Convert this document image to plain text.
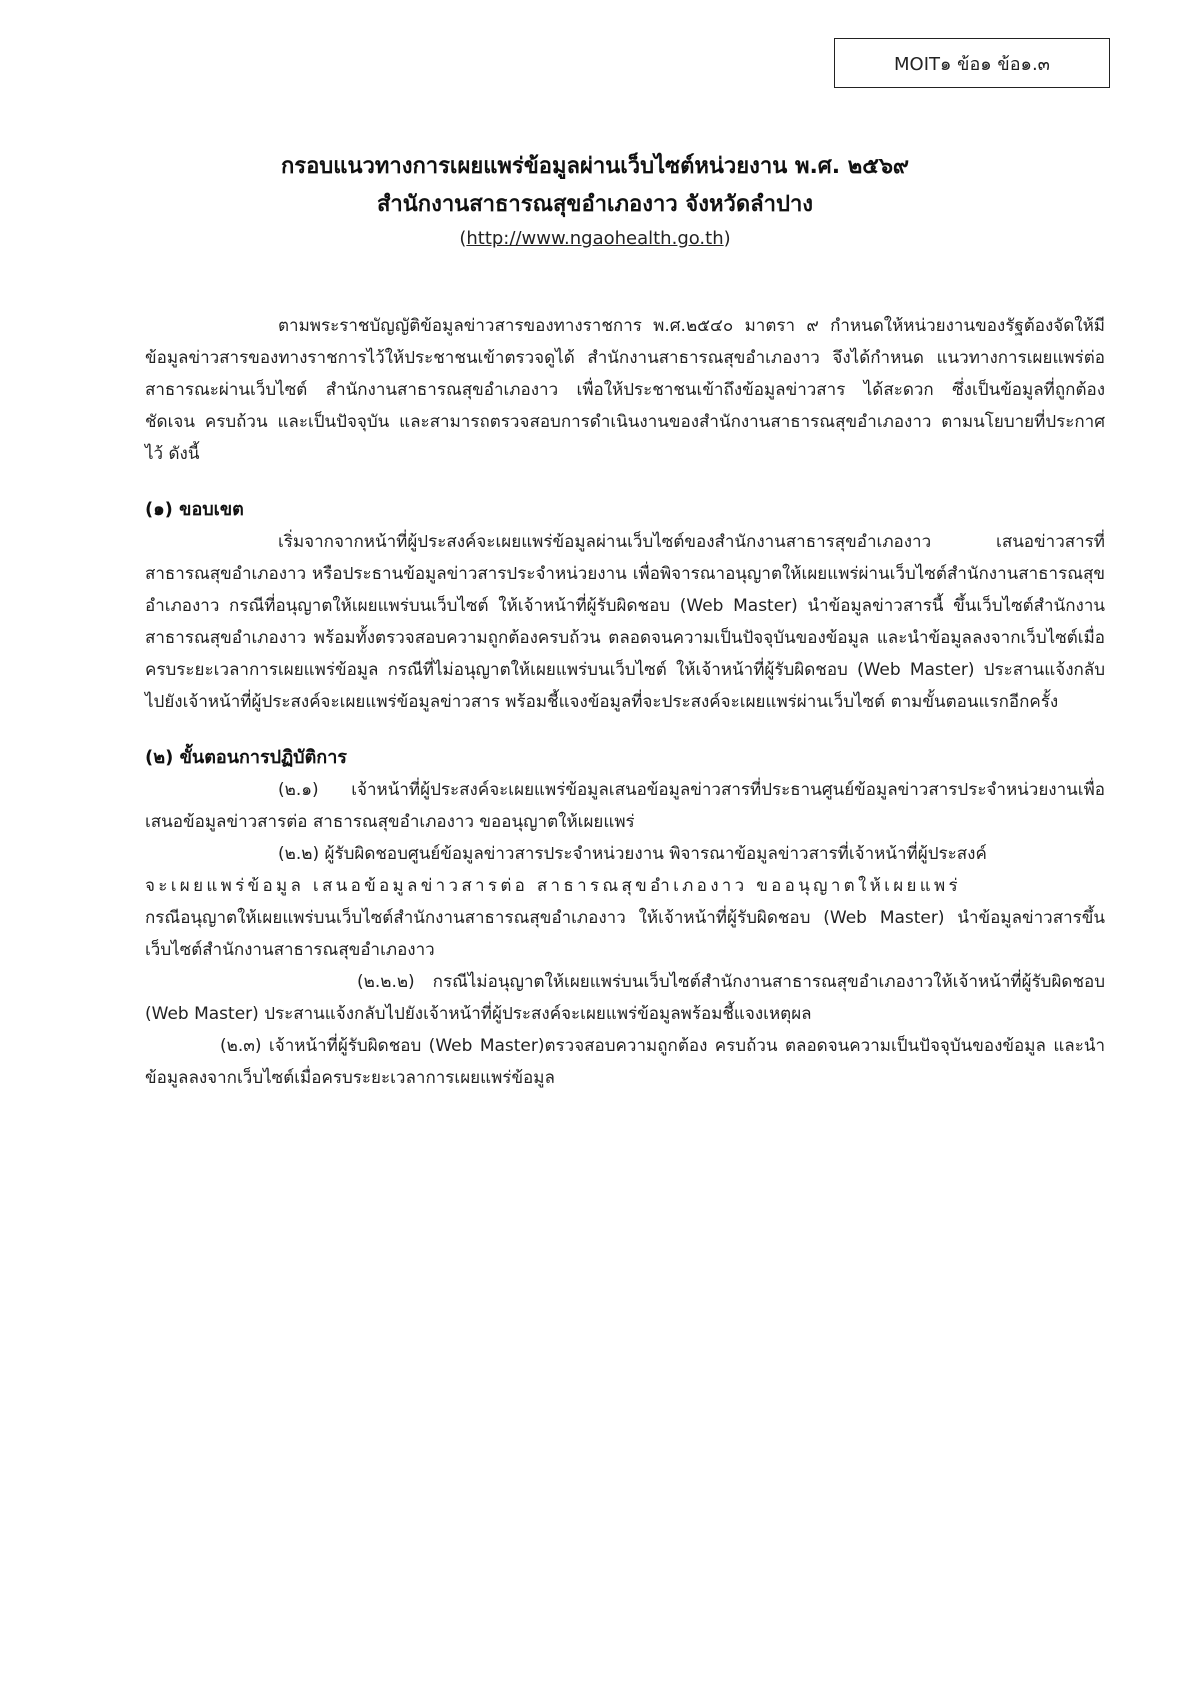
MOIT๑ ข้อ๑ ข้อ๑.๓
กรอบแนวทางการเผยแพร่ข้อมูลผ่านเว็บไซต์หน่วยงาน พ.ศ. ๒๕๖๙
สำนักงานสาธารณสุขอำเภองาว จังหวัดลำปาง
(http://www.ngaohealth.go.th)

ตามพระราชบัญญัติข้อมูลข่าวสารของทางราชการ พ.ศ.๒๕๔๐ มาตรา ๙ กำหนดให้หน่วยงานของรัฐต้องจัดให้มีข้อมูลข่าวสารของทางราชการไว้ให้ประชาชนเข้าตรวจดูได้ สำนักงานสาธารณสุขอำเภองาว จึงได้กำหนด แนวทางการเผยแพร่ต่อสาธารณะผ่านเว็บไซต์ สำนักงานสาธารณสุขอำเภองาว เพื่อให้ประชาชนเข้าถึงข้อมูลข่าวสาร ได้สะดวก ซึ่งเป็นข้อมูลที่ถูกต้อง ชัดเจน ครบถ้วน และเป็นปัจจุบัน และสามารถตรวจสอบการดำเนินงานของสำนักงานสาธารณสุขอำเภองาว ตามนโยบายที่ประกาศไว้ ดังนี้

(๑) ขอบเขต

เริ่มจากจากหน้าที่ผู้ประสงค์จะเผยแพร่ข้อมูลผ่านเว็บไซต์ของสำนักงานสาธารสุขอำเภองาว เสนอข่าวสารที่ สาธารณสุขอำเภองาว หรือประธานข้อมูลข่าวสารประจำหน่วยงาน เพื่อพิจารณาอนุญาตให้เผยแพร่ผ่านเว็บไซต์สำนักงานสาธารณสุขอำเภองาว กรณีที่อนุญาตให้เผยแพร่บนเว็บไซต์ ให้เจ้าหน้าที่ผู้รับผิดชอบ (Web Master) นำข้อมูลข่าวสารนี้ ขึ้นเว็บไซต์สำนักงานสาธารณสุขอำเภองาว พร้อมทั้งตรวจสอบความถูกต้องครบถ้วน ตลอดจนความเป็นปัจจุบันของข้อมูล และนำข้อมูลลงจากเว็บไซต์เมื่อครบระยะเวลาการเผยแพร่ข้อมูล กรณีที่ไม่อนุญาตให้เผยแพร่บนเว็บไซต์ ให้เจ้าหน้าที่ผู้รับผิดชอบ (Web Master) ประสานแจ้งกลับไปยังเจ้าหน้าที่ผู้ประสงค์จะเผยแพร่ข้อมูลข่าวสาร พร้อมชี้แจงข้อมูลที่จะประสงค์จะเผยแพร่ผ่านเว็บไซต์ ตามขั้นตอนแรกอีกครั้ง

(๒) ขั้นตอนการปฏิบัติการ

(๒.๑) เจ้าหน้าที่ผู้ประสงค์จะเผยแพร่ข้อมูลเสนอข้อมูลข่าวสารที่ประธานศูนย์ข้อมูลข่าวสารประจำหน่วยงานเพื่อเสนอข้อมูลข่าวสารต่อ สาธารณสุขอำเภองาว ขออนุญาตให้เผยแพร่

(๒.๒) ผู้รับผิดชอบศูนย์ข้อมูลข่าวสารประจำหน่วยงาน พิจารณาข้อมูลข่าวสารที่เจ้าหน้าที่ผู้ประสงค์

จะเผยแพร่ข้อมูล เสนอข้อมูลข่าวสารต่อ สาธารณสุขอำเภองาว ขออนุญาตให้เผยแพร่

กรณีอนุญาตให้เผยแพร่บนเว็บไซต์สำนักงานสาธารณสุขอำเภองาว ให้เจ้าหน้าที่ผู้รับผิดชอบ (Web Master) นำข้อมูลข่าวสารขึ้นเว็บไซต์สำนักงานสาธารณสุขอำเภองาว

(๒.๒.๒) กรณีไม่อนุญาตให้เผยแพร่บนเว็บไซต์สำนักงานสาธารณสุขอำเภองาวให้เจ้าหน้าที่ผู้รับผิดชอบ (Web Master) ประสานแจ้งกลับไปยังเจ้าหน้าที่ผู้ประสงค์จะเผยแพร่ข้อมูลพร้อมชี้แจงเหตุผล

(๒.๓) เจ้าหน้าที่ผู้รับผิดชอบ (Web Master)ตรวจสอบความถูกต้อง ครบถ้วน ตลอดจนความเป็นปัจจุบันของข้อมูล และนำข้อมูลลงจากเว็บไซต์เมื่อครบระยะเวลาการเผยแพร่ข้อมูล
